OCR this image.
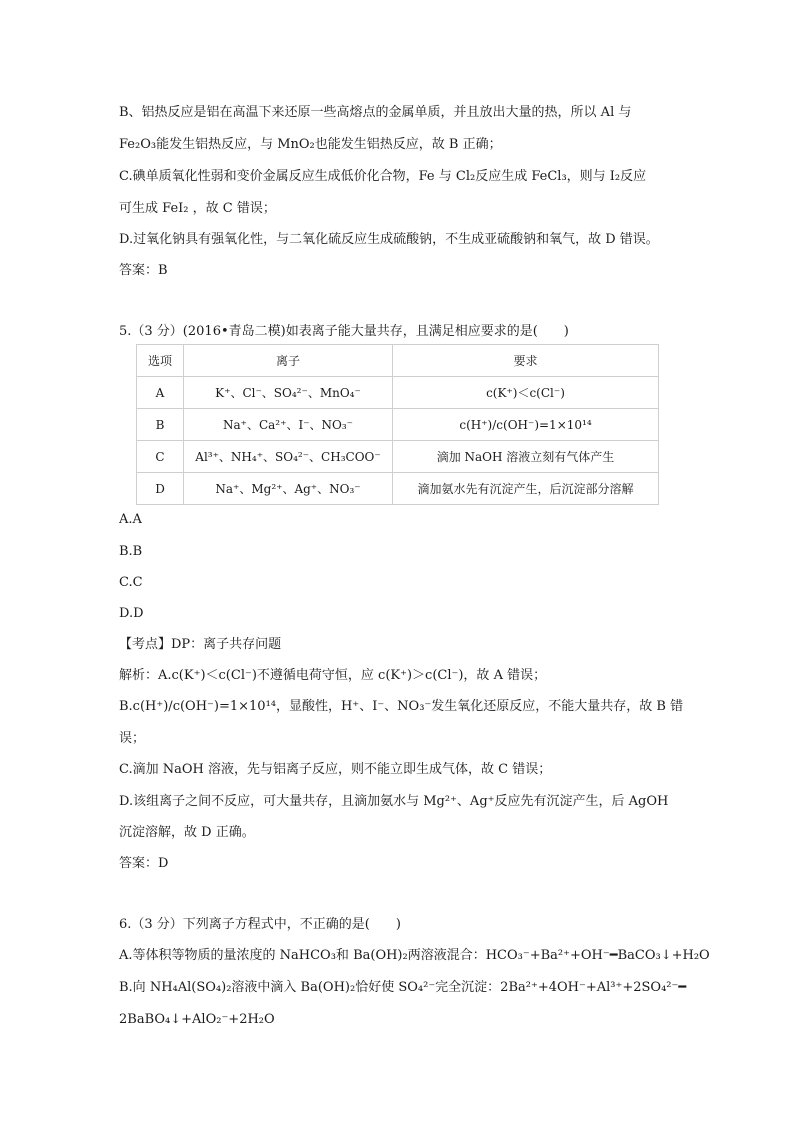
B、铝热反应是铝在高温下来还原一些高熔点的金属单质，并且放出大量的热，所以 Al 与
Fe₂O₃能发生铝热反应，与 MnO₂也能发生铝热反应，故 B 正确；
C.碘单质氧化性弱和变价金属反应生成低价化合物，Fe 与 Cl₂反应生成 FeCl₃，则与 I₂反应
可生成 FeI₂ ，故 C 错误；
D.过氧化钠具有强氧化性，与二氧化硫反应生成硫酸钠，不生成亚硫酸钠和氧气，故 D 错误。
答案：B
5.（3 分）(2016•青岛二模)如表离子能大量共存，且满足相应要求的是(　　)
选项	离子	要求
A	K⁺、Cl⁻、SO₄²⁻、MnO₄⁻	c(K⁺)＜c(Cl⁻)
B	Na⁺、Ca²⁺、I⁻、NO₃⁻	c(H⁺)/c(OH⁻)=1×10¹⁴
C	Al³⁺、NH₄⁺、SO₄²⁻、CH₃COO⁻	滴加 NaOH 溶液立刻有气体产生
D	Na⁺、Mg²⁺、Ag⁺、NO₃⁻	滴加氨水先有沉淀产生，后沉淀部分溶解
A.A
B.B
C.C
D.D
【考点】DP：离子共存问题
解析：A.c(K⁺)＜c(Cl⁻)不遵循电荷守恒，应 c(K⁺)＞c(Cl⁻)，故 A 错误；
B.c(H⁺)/c(OH⁻)=1×10¹⁴，显酸性，H⁺、I⁻、NO₃⁻发生氧化还原反应，不能大量共存，故 B 错
误；
C.滴加 NaOH 溶液，先与铝离子反应，则不能立即生成气体，故 C 错误；
D.该组离子之间不反应，可大量共存，且滴加氨水与 Mg²⁺、Ag⁺反应先有沉淀产生，后 AgOH
沉淀溶解，故 D 正确。
答案：D
6.（3 分）下列离子方程式中，不正确的是(　　)
A.等体积等物质的量浓度的 NaHCO₃和 Ba(OH)₂两溶液混合：HCO₃⁻+Ba²⁺+OH⁻━BaCO₃↓+H₂O
B.向 NH₄Al(SO₄)₂溶液中滴入 Ba(OH)₂恰好使 SO₄²⁻完全沉淀：2Ba²⁺+4OH⁻+Al³⁺+2SO₄²⁻━
2BaBO₄↓+AlO₂⁻+2H₂O
